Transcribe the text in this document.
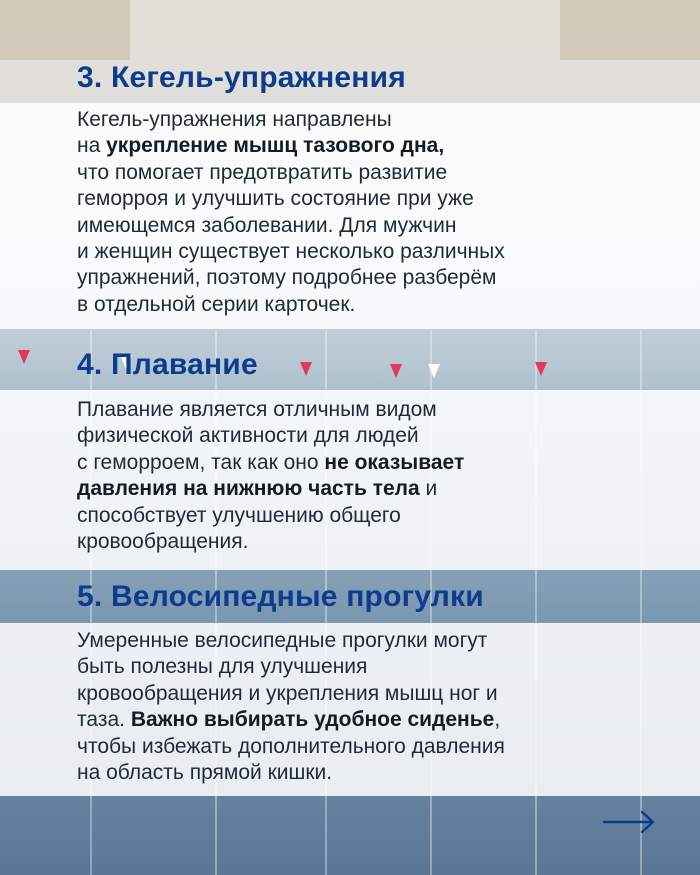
3. Кегель-упражнения

Кегель-упражнения направлены
на укрепление мышц тазового дна,
что помогает предотвратить развитие
геморроя и улучшить состояние при уже
имеющемся заболевании. Для мужчин
и женщин существует несколько различных
упражнений, поэтому подробнее разберём
в отдельной серии карточек.

4. Плавание

Плавание является отличным видом
физической активности для людей
с геморроем, так как оно не оказывает
давления на нижнюю часть тела и
способствует улучшению общего
кровообращения.

5. Велосипедные прогулки

Умеренные велосипедные прогулки могут
быть полезны для улучшения
кровообращения и укрепления мышц ног и
таза. Важно выбирать удобное сиденье,
чтобы избежать дополнительного давления
на область прямой кишки.
